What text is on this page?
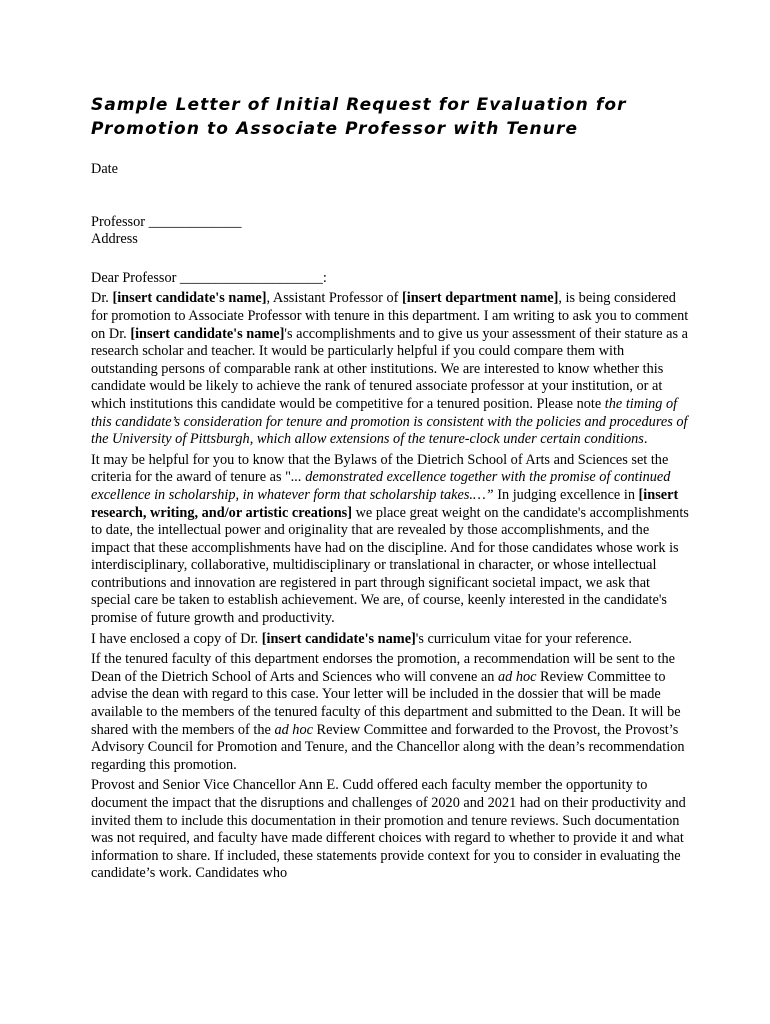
Sample Letter of Initial Request for Evaluation for
Promotion to Associate Professor with Tenure
Date
Professor _____________
Address
Dear Professor ____________________:

Dr. [insert candidate's name], Assistant Professor of [insert department name], is being considered for promotion to Associate Professor with tenure in this department. I am writing to ask you to comment on Dr. [insert candidate's name]'s accomplishments and to give us your assessment of their stature as a research scholar and teacher. It would be particularly helpful if you could compare them with outstanding persons of comparable rank at other institutions. We are interested to know whether this candidate would be likely to achieve the rank of tenured associate professor at your institution, or at which institutions this candidate would be competitive for a tenured position. Please note the timing of this candidate’s consideration for tenure and promotion is consistent with the policies and procedures of the University of Pittsburgh, which allow extensions of the tenure-clock under certain conditions.

It may be helpful for you to know that the Bylaws of the Dietrich School of Arts and Sciences set the criteria for the award of tenure as "... demonstrated excellence together with the promise of continued excellence in scholarship, in whatever form that scholarship takes.…” In judging excellence in [insert research, writing, and/or artistic creations] we place great weight on the candidate's accomplishments to date, the intellectual power and originality that are revealed by those accomplishments, and the impact that these accomplishments have had on the discipline. And for those candidates whose work is interdisciplinary, collaborative, multidisciplinary or translational in character, or whose intellectual contributions and innovation are registered in part through significant societal impact, we ask that special care be taken to establish achievement. We are, of course, keenly interested in the candidate's promise of future growth and productivity.

I have enclosed a copy of Dr. [insert candidate's name]'s curriculum vitae for your reference.

If the tenured faculty of this department endorses the promotion, a recommendation will be sent to the Dean of the Dietrich School of Arts and Sciences who will convene an ad hoc Review Committee to advise the dean with regard to this case. Your letter will be included in the dossier that will be made available to the members of the tenured faculty of this department and submitted to the Dean. It will be shared with the members of the ad hoc Review Committee and forwarded to the Provost, the Provost’s Advisory Council for Promotion and Tenure, and the Chancellor along with the dean’s recommendation regarding this promotion.

Provost and Senior Vice Chancellor Ann E. Cudd offered each faculty member the opportunity to document the impact that the disruptions and challenges of 2020 and 2021 had on their productivity and invited them to include this documentation in their promotion and tenure reviews. Such documentation was not required, and faculty have made different choices with regard to whether to provide it and what information to share. If included, these statements provide context for you to consider in evaluating the candidate’s work. Candidates who
